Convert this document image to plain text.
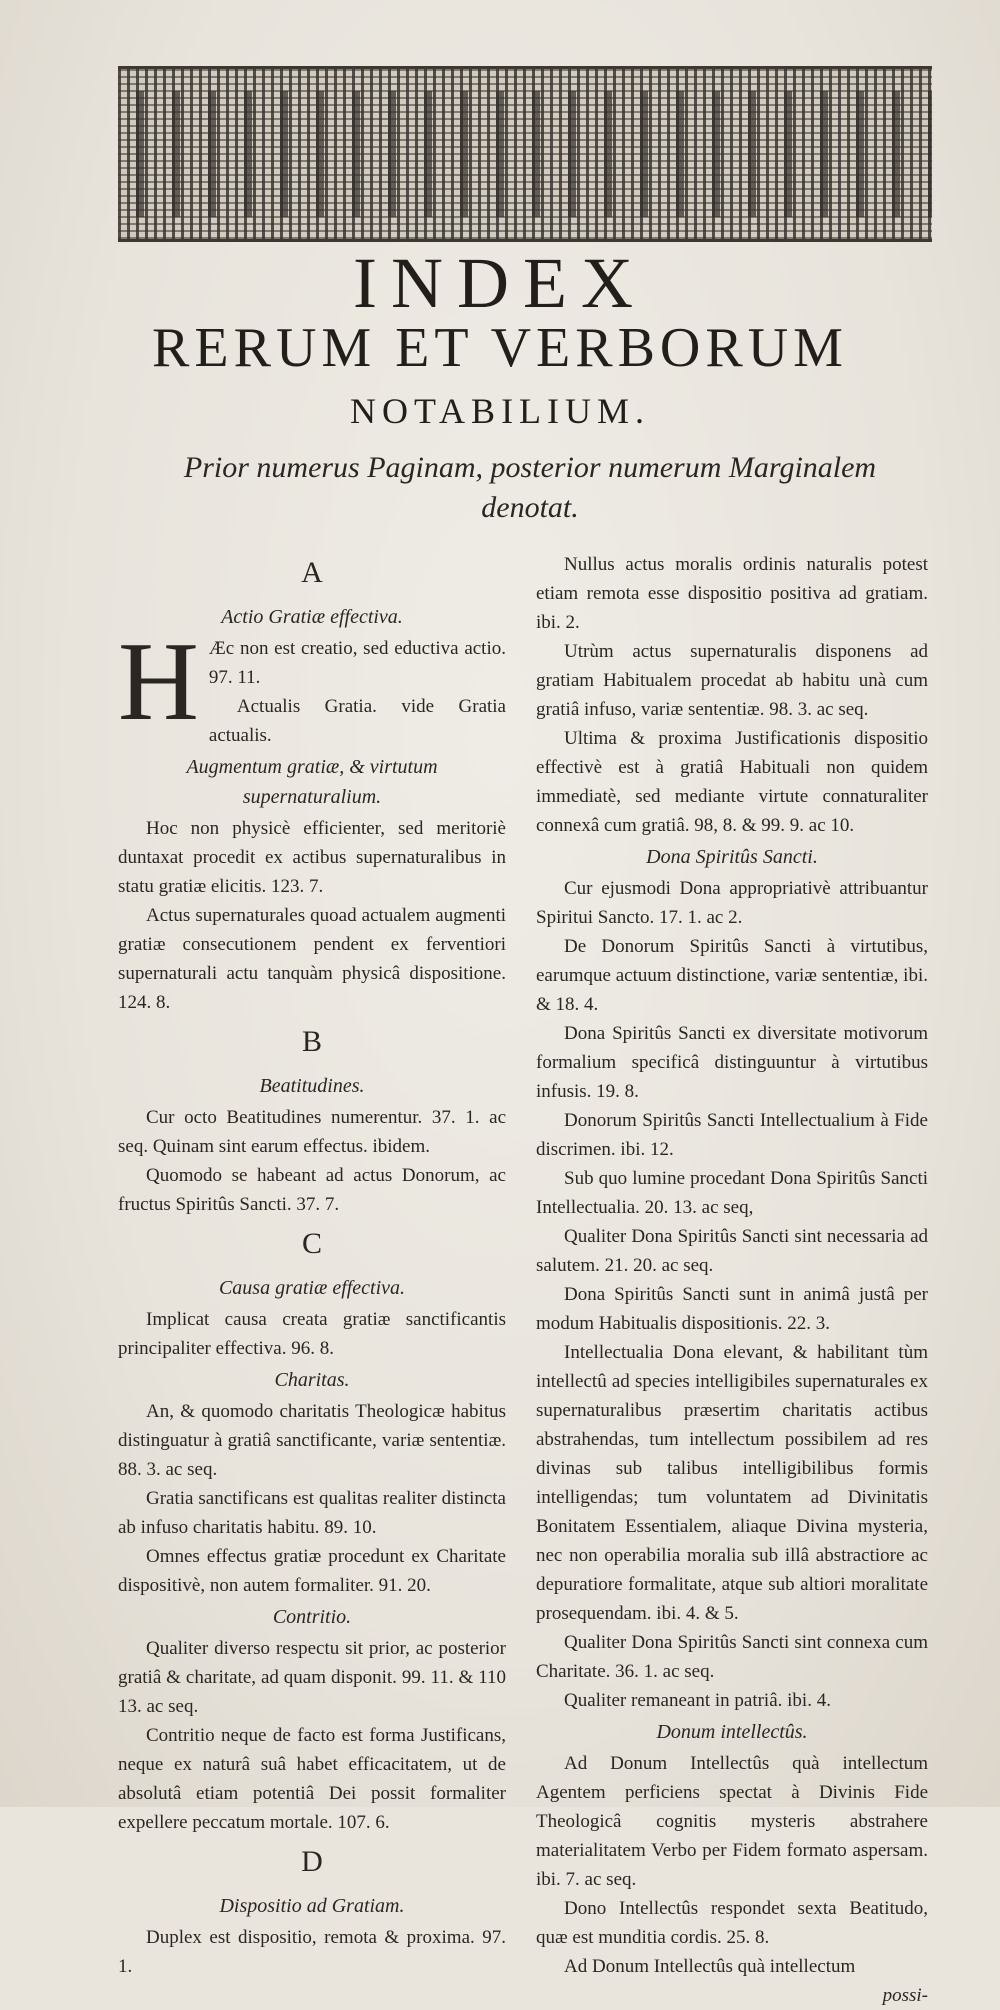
INDEX
RERUM ET VERBORUM
NOTABILIUM.
Prior numerus Paginam, posterior numerum Marginalem denotat.
A
Actio Gratiæ effectiva.

H Æc non est creatio, sed eductiva actio. 97. 11.

Actualis Gratia. vide Gratia actualis.

Augmentum gratiæ, & virtutum supernaturalium.

Hoc non physicè efficienter, sed meritoriè duntaxat procedit ex actibus supernaturalibus in statu gratiæ elicitis. 123. 7.

Actus supernaturales quoad actualem augmenti gratiæ consecutionem pendent ex ferventiori supernaturali actu tanquàm physicâ dispositione. 124. 8.

B
Beatitudines.

Cur octo Beatitudines numerentur. 37. 1. ac seq. Quinam sint earum effectus. ibidem.

Quomodo se habeant ad actus Donorum, ac fructus Spiritûs Sancti. 37. 7.

C
Causa gratiæ effectiva.

Implicat causa creata gratiæ sanctificantis principaliter effectiva. 96. 8.

Charitas.

An, & quomodo charitatis Theologicæ habitus distinguatur à gratiâ sanctificante, variæ sententiæ. 88. 3. ac seq.

Gratia sanctificans est qualitas realiter distincta ab infuso charitatis habitu. 89. 10.

Omnes effectus gratiæ procedunt ex Charitate dispositivè, non autem formaliter. 91. 20.

Contritio.

Qualiter diverso respectu sit prior, ac posterior gratiâ & charitate, ad quam disponit. 99. 11. & 110 13. ac seq.

Contritio neque de facto est forma Justificans, neque ex naturâ suâ habet efficacitatem, ut de absolutâ etiam potentiâ Dei possit formaliter expellere peccatum mortale. 107. 6.

D
Dispositio ad Gratiam.

Duplex est dispositio, remota & proxima. 97. 1.

Nullus actus moralis ordinis naturalis potest etiam remota esse dispositio positiva ad gratiam. ibi. 2.

Utrùm actus supernaturalis disponens ad gratiam Habitualem procedat ab habitu unà cum gratiâ infuso, variæ sententiæ. 98. 3. ac seq.

Ultima & proxima Justificationis dispositio effectivè est à gratiâ Habituali non quidem immediatè, sed mediante virtute connaturaliter connexâ cum gratiâ. 98, 8. & 99. 9. ac 10.

Dona Spiritûs Sancti.

Cur ejusmodi Dona appropriativè attribuantur Spiritui Sancto. 17. 1. ac 2.

De Donorum Spiritûs Sancti à virtutibus, earumque actuum distinctione, variæ sententiæ, ibi. & 18. 4.

Dona Spiritûs Sancti ex diversitate motivorum formalium specificâ distinguuntur à virtutibus infusis. 19. 8.

Donorum Spiritûs Sancti Intellectualium à Fide discrimen. ibi. 12.

Sub quo lumine procedant Dona Spiritûs Sancti Intellectualia. 20. 13. ac seq,

Qualiter Dona Spiritûs Sancti sint necessaria ad salutem. 21. 20. ac seq.

Dona Spiritûs Sancti sunt in animâ justâ per modum Habitualis dispositionis. 22. 3.

Intellectualia Dona elevant, & habilitant tùm intellectû ad species intelligibiles supernaturales ex supernaturalibus præsertim charitatis actibus abstrahendas, tum intellectum possibilem ad res divinas sub talibus intelligibilibus formis intelligendas; tum voluntatem ad Divinitatis Bonitatem Essentialem, aliaque Divina mysteria, nec non operabilia moralia sub illâ abstractiore ac depuratiore formalitate, atque sub altiori moralitate prosequendam. ibi. 4. & 5.

Qualiter Dona Spiritûs Sancti sint connexa cum Charitate. 36. 1. ac seq.

Qualiter remaneant in patriâ. ibi. 4.

Donum intellectûs.

Ad Donum Intellectûs quà intellectum Agentem perficiens spectat à Divinis Fide Theologicâ cognitis mysteris abstrahere materialitatem Verbo per Fidem formato aspersam. ibi. 7. ac seq.

Dono Intellectûs respondet sexta Beatitudo, quæ est munditia cordis. 25. 8.

Ad Donum Intellectûs quà intellectum

possi-
